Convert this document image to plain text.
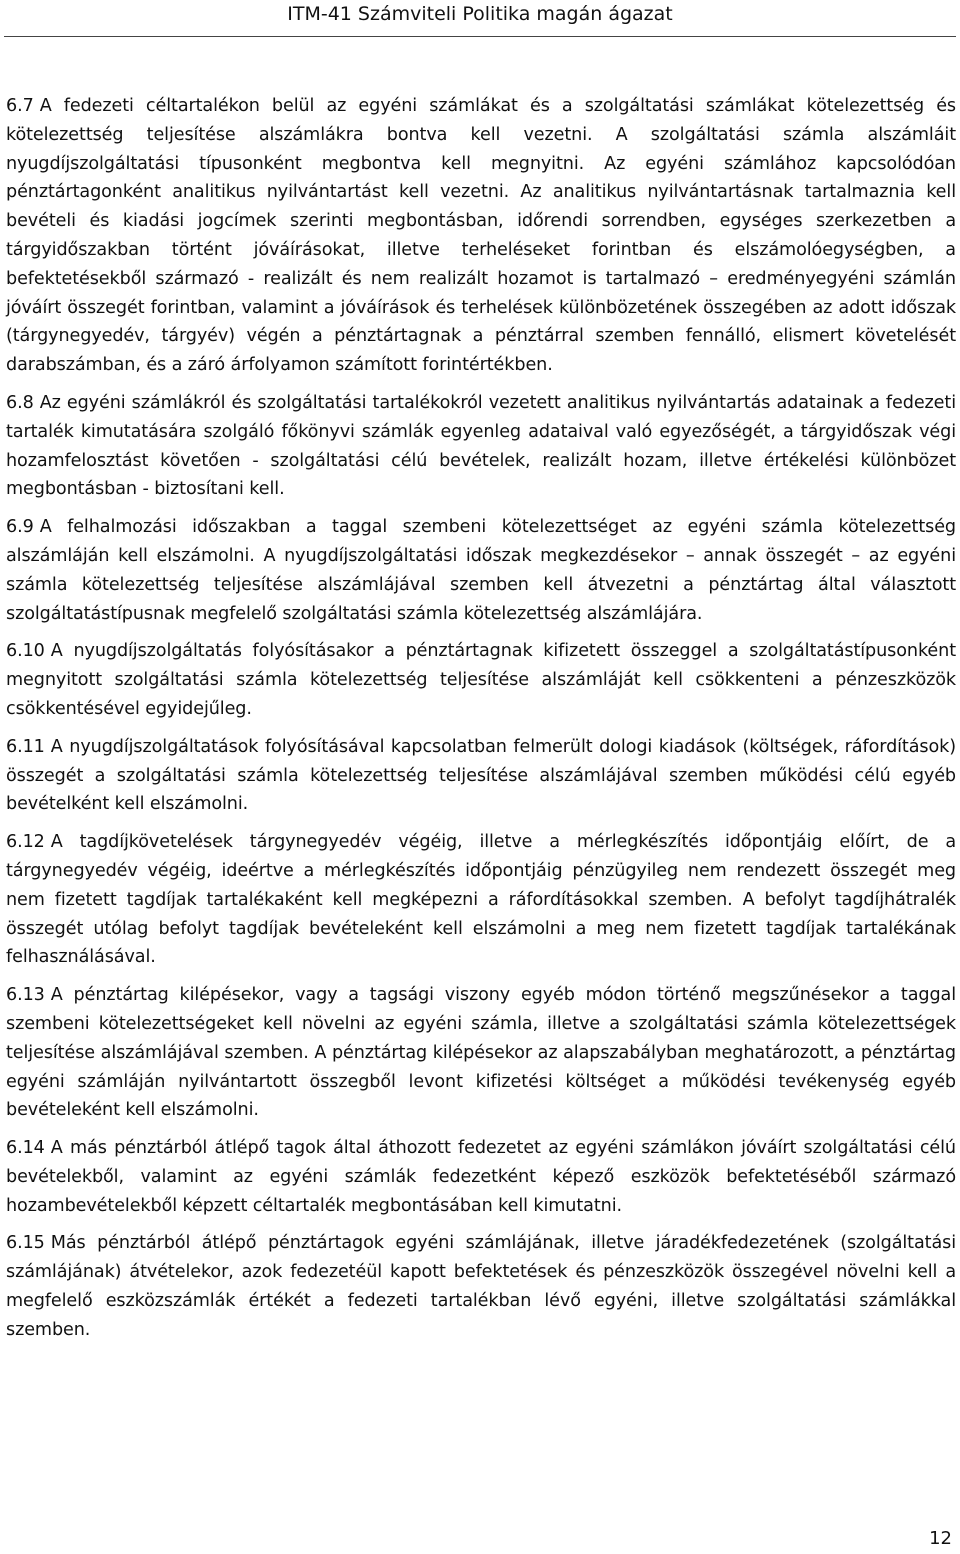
ITM-41 Számviteli Politika magán ágazat

6.7 A fedezeti céltartalékon belül az egyéni számlákat és a szolgáltatási számlákat kötelezettség és kötelezettség teljesítése alszámlákra bontva kell vezetni. A szolgáltatási számla alszámláit nyugdíjszolgáltatási típusonként megbontva kell megnyitni. Az egyéni számlához kapcsolódóan pénztártagonként analitikus nyilvántartást kell vezetni. Az analitikus nyilvántartásnak tartalmaznia kell bevételi és kiadási jogcímek szerinti megbontásban, időrendi sorrendben, egységes szerkezetben a tárgyidőszakban történt jóváírásokat, illetve terheléseket forintban és elszámolóegységben, a befektetésekből származó - realizált és nem realizált hozamot is tartalmazó – eredményegyéni számlán jóváírt összegét forintban, valamint a jóváírások és terhelések különbözetének összegében az adott időszak (tárgynegyedév, tárgyév) végén a pénztártagnak a pénztárral szemben fennálló, elismert követelését darabszámban, és a záró árfolyamon számított forintértékben.

6.8 Az egyéni számlákról és szolgáltatási tartalékokról vezetett analitikus nyilvántartás adatainak a fedezeti tartalék kimutatására szolgáló főkönyvi számlák egyenleg adataival való egyezőségét, a tárgyidőszak végi hozamfelosztást követően - szolgáltatási célú bevételek, realizált hozam, illetve értékelési különbözet megbontásban - biztosítani kell.

6.9 A felhalmozási időszakban a taggal szembeni kötelezettséget az egyéni számla kötelezettség alszámláján kell elszámolni. A nyugdíjszolgáltatási időszak megkezdésekor – annak összegét – az egyéni számla kötelezettség teljesítése alszámlájával szemben kell átvezetni a pénztártag által választott szolgáltatástípusnak megfelelő szolgáltatási számla kötelezettség alszámlájára.

6.10 A nyugdíjszolgáltatás folyósításakor a pénztártagnak kifizetett összeggel a szolgáltatástípusonként megnyitott szolgáltatási számla kötelezettség teljesítése alszámláját kell csökkenteni a pénzeszközök csökkentésével egyidejűleg.

6.11 A nyugdíjszolgáltatások folyósításával kapcsolatban felmerült dologi kiadások (költségek, ráfordítások) összegét a szolgáltatási számla kötelezettség teljesítése alszámlájával szemben működési célú egyéb bevételként kell elszámolni.

6.12 A tagdíjkövetelések tárgynegyedév végéig, illetve a mérlegkészítés időpontjáig előírt, de a tárgynegyedév végéig, ideértve a mérlegkészítés időpontjáig pénzügyileg nem rendezett összegét meg nem fizetett tagdíjak tartalékaként kell megképezni a ráfordításokkal szemben. A befolyt tagdíjhátralék összegét utólag befolyt tagdíjak bevételeként kell elszámolni a meg nem fizetett tagdíjak tartalékának felhasználásával.

6.13 A pénztártag kilépésekor, vagy a tagsági viszony egyéb módon történő megszűnésekor a taggal szembeni kötelezettségeket kell növelni az egyéni számla, illetve a szolgáltatási számla kötelezettségek teljesítése alszámlájával szemben. A pénztártag kilépésekor az alapszabályban meghatározott, a pénztártag egyéni számláján nyilvántartott összegből levont kifizetési költséget a működési tevékenység egyéb bevételeként kell elszámolni.

6.14 A más pénztárból átlépő tagok által áthozott fedezetet az egyéni számlákon jóváírt szolgáltatási célú bevételekből, valamint az egyéni számlák fedezetként képező eszközök befektetéséből származó hozambevételekből képzett céltartalék megbontásában kell kimutatni.

6.15 Más pénztárból átlépő pénztártagok egyéni számlájának, illetve járadékfedezetének (szolgáltatási számlájának) átvételekor, azok fedezetéül kapott befektetések és pénzeszközök összegével növelni kell a megfelelő eszközszámlák értékét a fedezeti tartalékban lévő egyéni, illetve szolgáltatási számlákkal szemben.

12
